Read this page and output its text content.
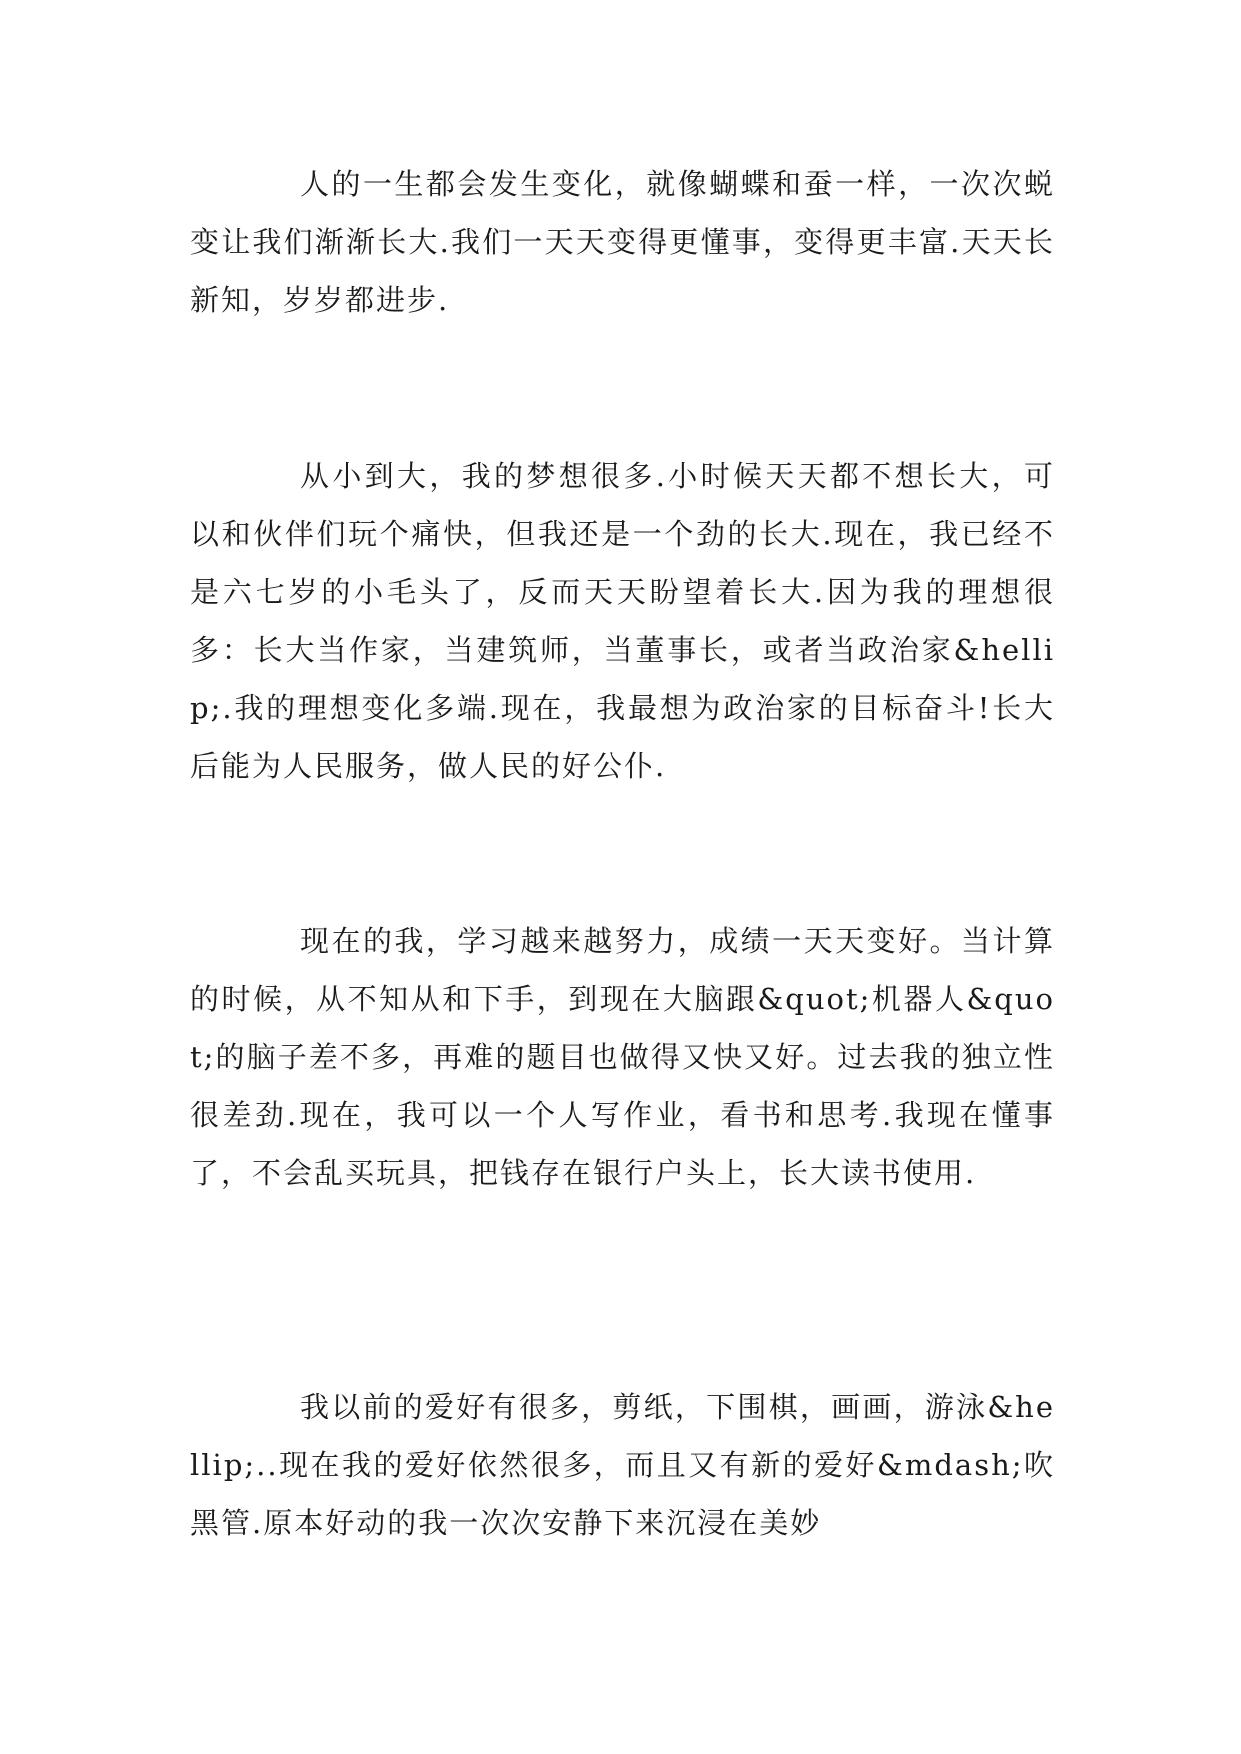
人的一生都会发生变化，就像蝴蝶和蚕一样，一次次蜕变让我们渐渐长大.我们一天天变得更懂事，变得更丰富.天天长新知，岁岁都进步.

从小到大，我的梦想很多.小时候天天都不想长大，可以和伙伴们玩个痛快，但我还是一个劲的长大.现在，我已经不是六七岁的小毛头了，反而天天盼望着长大.因为我的理想很多：长大当作家，当建筑师，当董事长，或者当政治家&hellip;.我的理想变化多端.现在，我最想为政治家的目标奋斗!长大后能为人民服务，做人民的好公仆.

现在的我，学习越来越努力，成绩一天天变好。当计算的时候，从不知从和下手，到现在大脑跟&quot;机器人&quot;的脑子差不多，再难的题目也做得又快又好。过去我的独立性很差劲.现在，我可以一个人写作业，看书和思考.我现在懂事了，不会乱买玩具，把钱存在银行户头上，长大读书使用.

我以前的爱好有很多，剪纸，下围棋，画画，游泳&hellip;..现在我的爱好依然很多，而且又有新的爱好&mdash;吹黑管.原本好动的我一次次安静下来沉浸在美妙
